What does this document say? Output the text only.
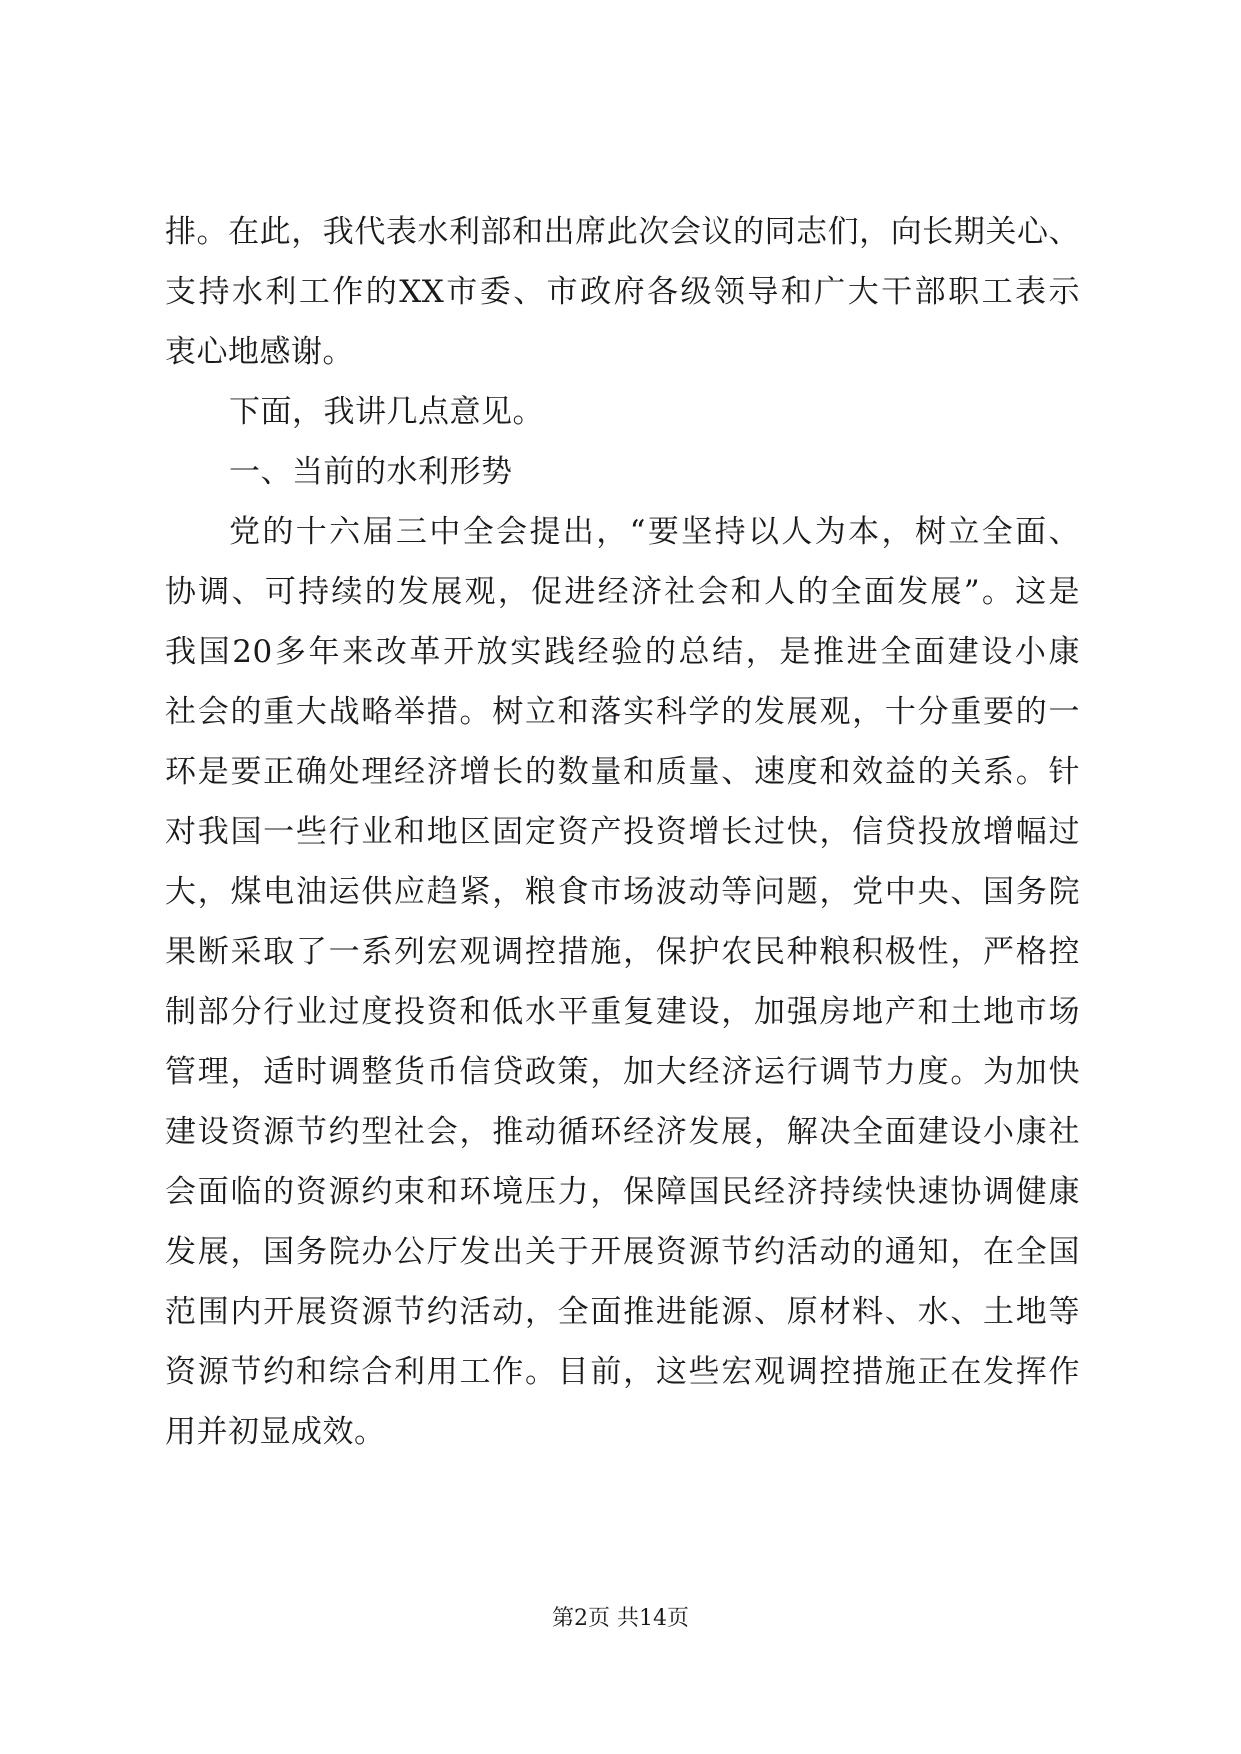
排。在此，我代表水利部和出席此次会议的同志们，向长期关心、
支持水利工作的XX市委、市政府各级领导和广大干部职工表示
衷心地感谢。
下面，我讲几点意见。
一、当前的水利形势
党的十六届三中全会提出，“要坚持以人为本，树立全面、
协调、可持续的发展观，促进经济社会和人的全面发展”。这是
我国20多年来改革开放实践经验的总结，是推进全面建设小康
社会的重大战略举措。树立和落实科学的发展观，十分重要的一
环是要正确处理经济增长的数量和质量、速度和效益的关系。针
对我国一些行业和地区固定资产投资增长过快，信贷投放增幅过
大，煤电油运供应趋紧，粮食市场波动等问题，党中央、国务院
果断采取了一系列宏观调控措施，保护农民种粮积极性，严格控
制部分行业过度投资和低水平重复建设，加强房地产和土地市场
管理，适时调整货币信贷政策，加大经济运行调节力度。为加快
建设资源节约型社会，推动循环经济发展，解决全面建设小康社
会面临的资源约束和环境压力，保障国民经济持续快速协调健康
发展，国务院办公厅发出关于开展资源节约活动的通知，在全国
范围内开展资源节约活动，全面推进能源、原材料、水、土地等
资源节约和综合利用工作。目前，这些宏观调控措施正在发挥作
用并初显成效。
第2页 共14页
